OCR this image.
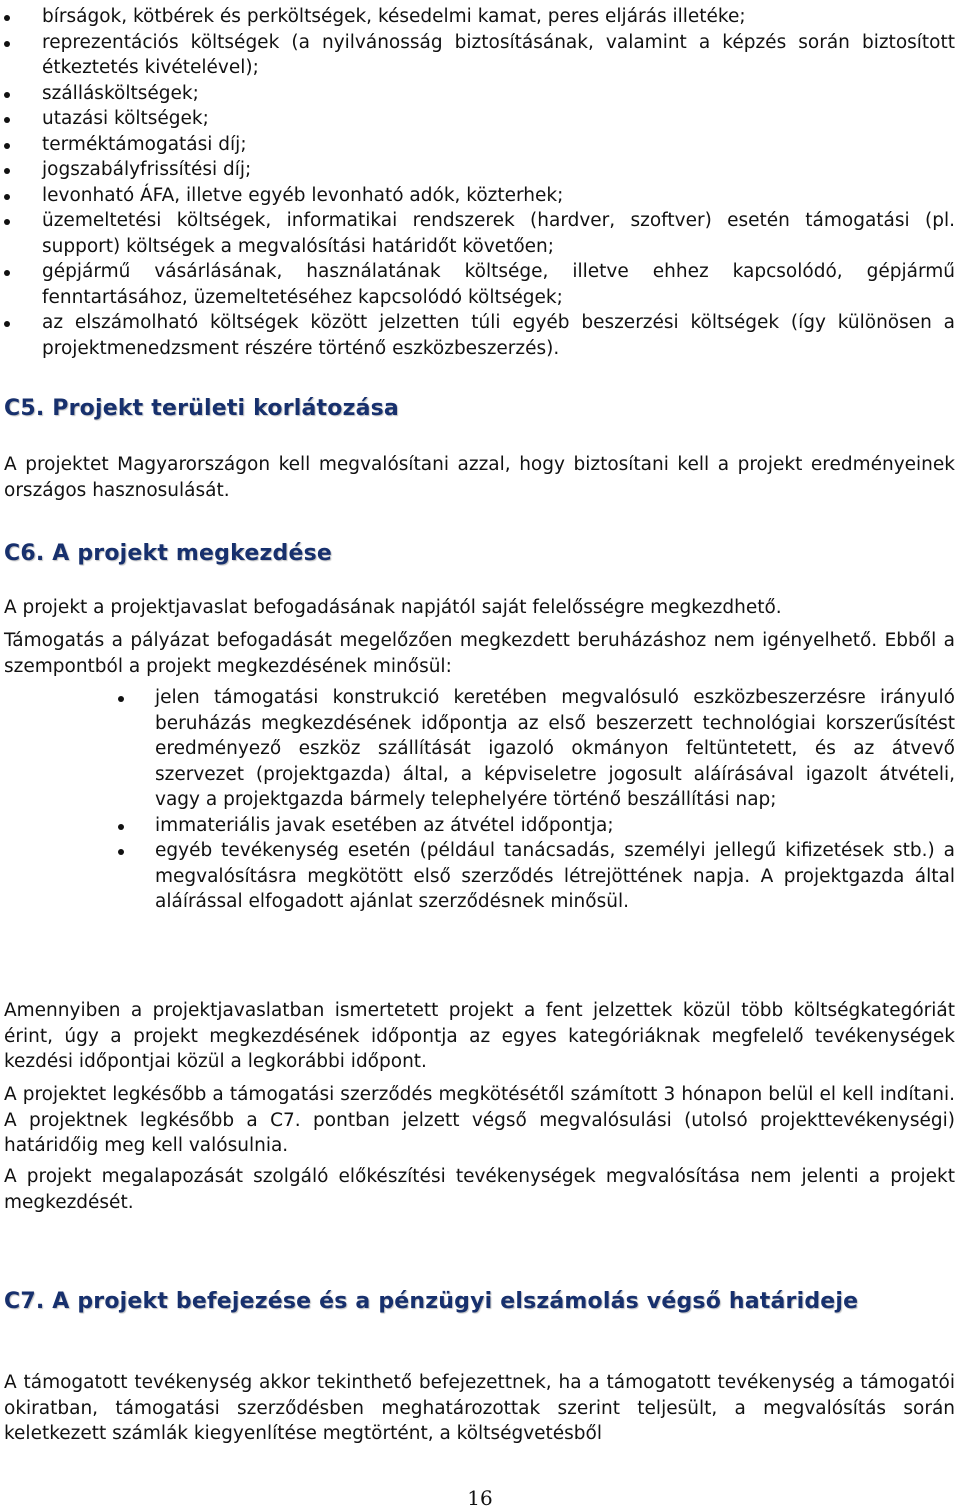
bírságok, kötbérek és perköltségek, késedelmi kamat, peres eljárás illetéke;
reprezentációs költségek (a nyilvánosság biztosításának, valamint a képzés során biztosított étkeztetés kivételével);
szállásköltségek;
utazási költségek;
terméktámogatási díj;
jogszabályfrissítési díj;
levonható ÁFA, illetve egyéb levonható adók, közterhek;
üzemeltetési költségek, informatikai rendszerek (hardver, szoftver) esetén támogatási (pl. support) költségek a megvalósítási határidőt követően;
gépjármű vásárlásának, használatának költsége, illetve ehhez kapcsolódó, gépjármű fenntartásához, üzemeltetéséhez kapcsolódó költségek;
az elszámolható költségek között jelzetten túli egyéb beszerzési költségek (így különösen a projektmenedzsment részére történő eszközbeszerzés).
C5. Projekt területi korlátozása

A projektet Magyarországon kell megvalósítani azzal, hogy biztosítani kell a projekt eredményeinek országos hasznosulását.

C6. A projekt megkezdése

A projekt a projektjavaslat befogadásának napjától saját felelősségre megkezdhető.

Támogatás a pályázat befogadását megelőzően megkezdett beruházáshoz nem igényelhető. Ebből a szempontból a projekt megkezdésének minősül:

jelen támogatási konstrukció keretében megvalósuló eszközbeszerzésre irányuló beruházás megkezdésének időpontja az első beszerzett technológiai korszerűsítést eredményező eszköz szállítását igazoló okmányon feltüntetett, és az átvevő szervezet (projektgazda) által, a képviseletre jogosult aláírásával igazolt átvételi, vagy a projektgazda bármely telephelyére történő beszállítási nap;
immateriális javak esetében az átvétel időpontja;
egyéb tevékenység esetén (például tanácsadás, személyi jellegű kifizetések stb.) a megvalósításra megkötött első szerződés létrejöttének napja. A projektgazda által aláírással elfogadott ajánlat szerződésnek minősül.

Amennyiben a projektjavaslatban ismertetett projekt a fent jelzettek közül több költségkategóriát érint, úgy a projekt megkezdésének időpontja az egyes kategóriáknak megfelelő tevékenységek kezdési időpontjai közül a legkorábbi időpont.

A projektet legkésőbb a támogatási szerződés megkötésétől számított 3 hónapon belül el kell indítani. A projektnek legkésőbb a C7. pontban jelzett végső megvalósulási (utolsó projekttevékenységi) határidőig meg kell valósulnia.

A projekt megalapozását szolgáló előkészítési tevékenységek megvalósítása nem jelenti a projekt megkezdését.

C7. A projekt befejezése és a pénzügyi elszámolás végső határideje

A támogatott tevékenység akkor tekinthető befejezettnek, ha a támogatott tevékenység a támogatói okiratban, támogatási szerződésben meghatározottak szerint teljesült, a megvalósítás során keletkezett számlák kiegyenlítése megtörtént, a költségvetésből

16
